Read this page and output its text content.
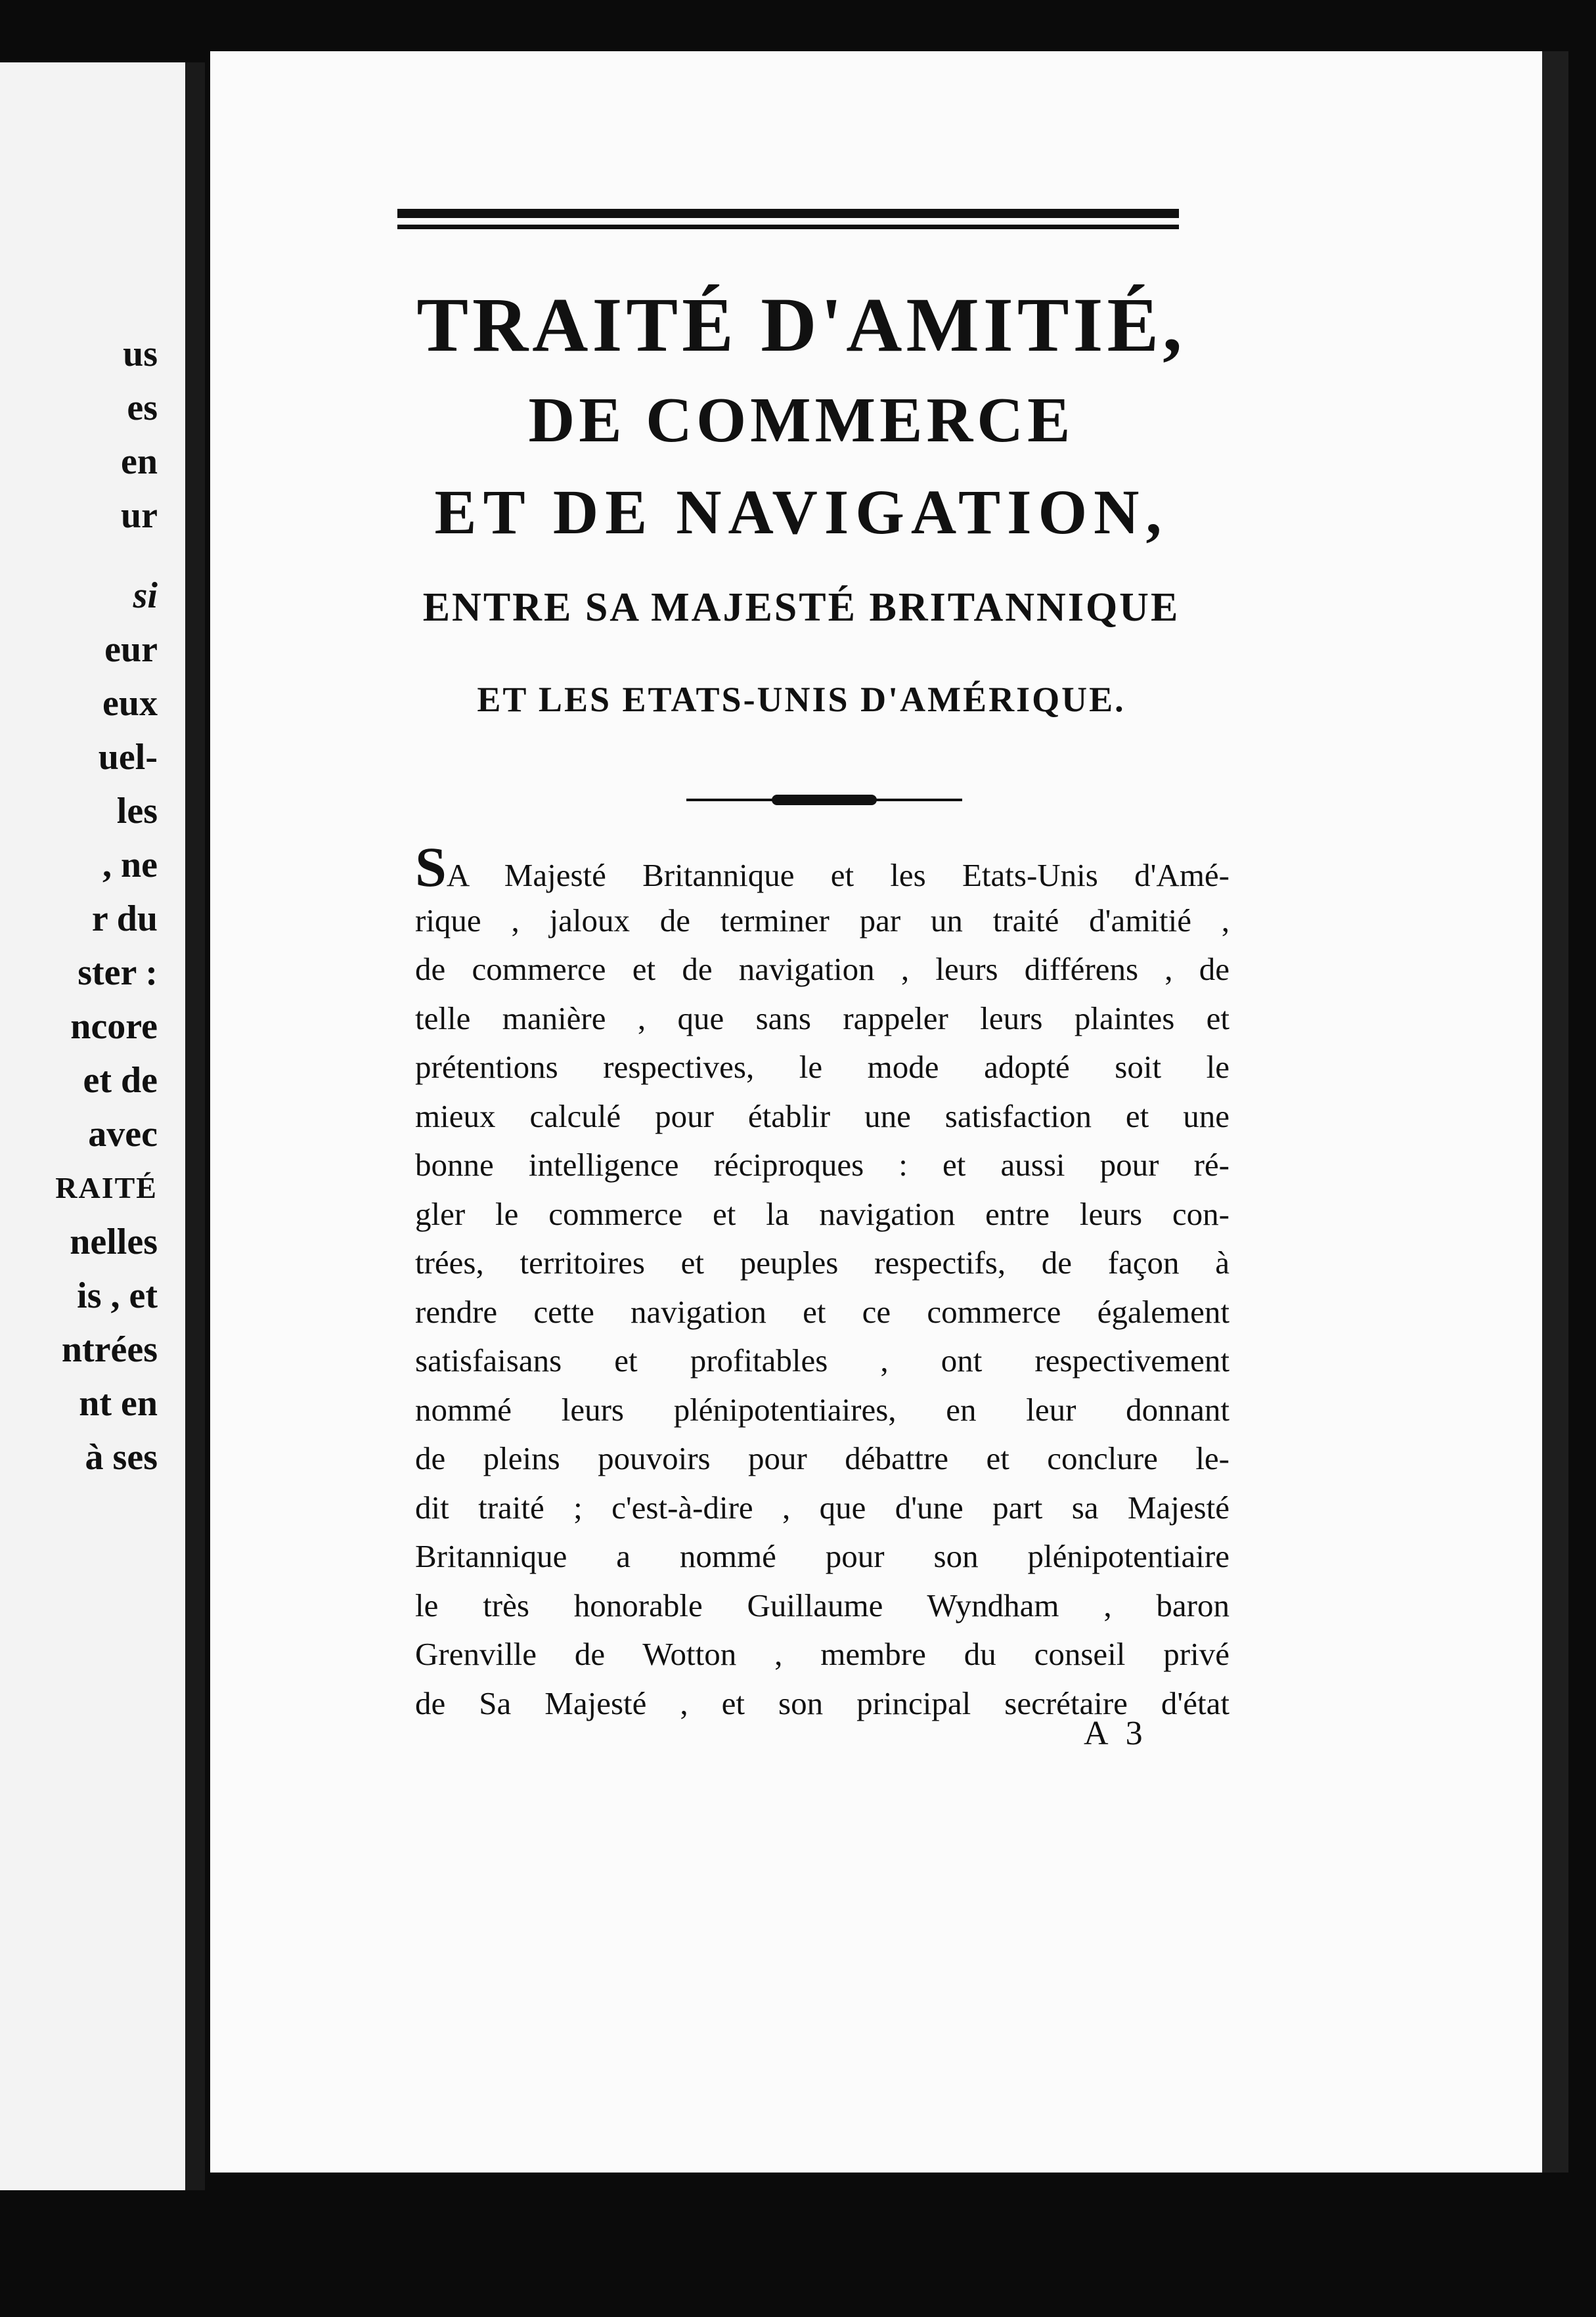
us
es
en
ur
si
eur
eux
uel-
les
, ne
r du
ster :
ncore
et de
avec
RAITÉ
nelles
is , et
ntrées
nt en
à ses
TRAITÉ D'AMITIÉ,
DE COMMERCE
ET DE NAVIGATION,
ENTRE SA MAJESTÉ BRITANNIQUE
ET LES ETATS-UNIS D'AMÉRIQUE.
SA Majesté Britannique et les Etats-Unis d'Amé-
rique , jaloux de terminer par un traité d'amitié ,
de commerce et de navigation , leurs différens , de
telle manière , que sans rappeler leurs plaintes et
prétentions respectives, le mode adopté soit le
mieux calculé pour établir une satisfaction et une
bonne intelligence réciproques : et aussi pour ré-
gler le commerce et la navigation entre leurs con-
trées, territoires et peuples respectifs, de façon à
rendre cette navigation et ce commerce également
satisfaisans et profitables , ont respectivement
nommé leurs plénipotentiaires, en leur donnant
de pleins pouvoirs pour débattre et conclure le-
dit traité ; c'est-à-dire , que d'une part sa Majesté
Britannique a nommé pour son plénipotentiaire
le très honorable Guillaume Wyndham , baron
Grenville de Wotton , membre du conseil privé
de Sa Majesté , et son principal secrétaire d'état
A 3
